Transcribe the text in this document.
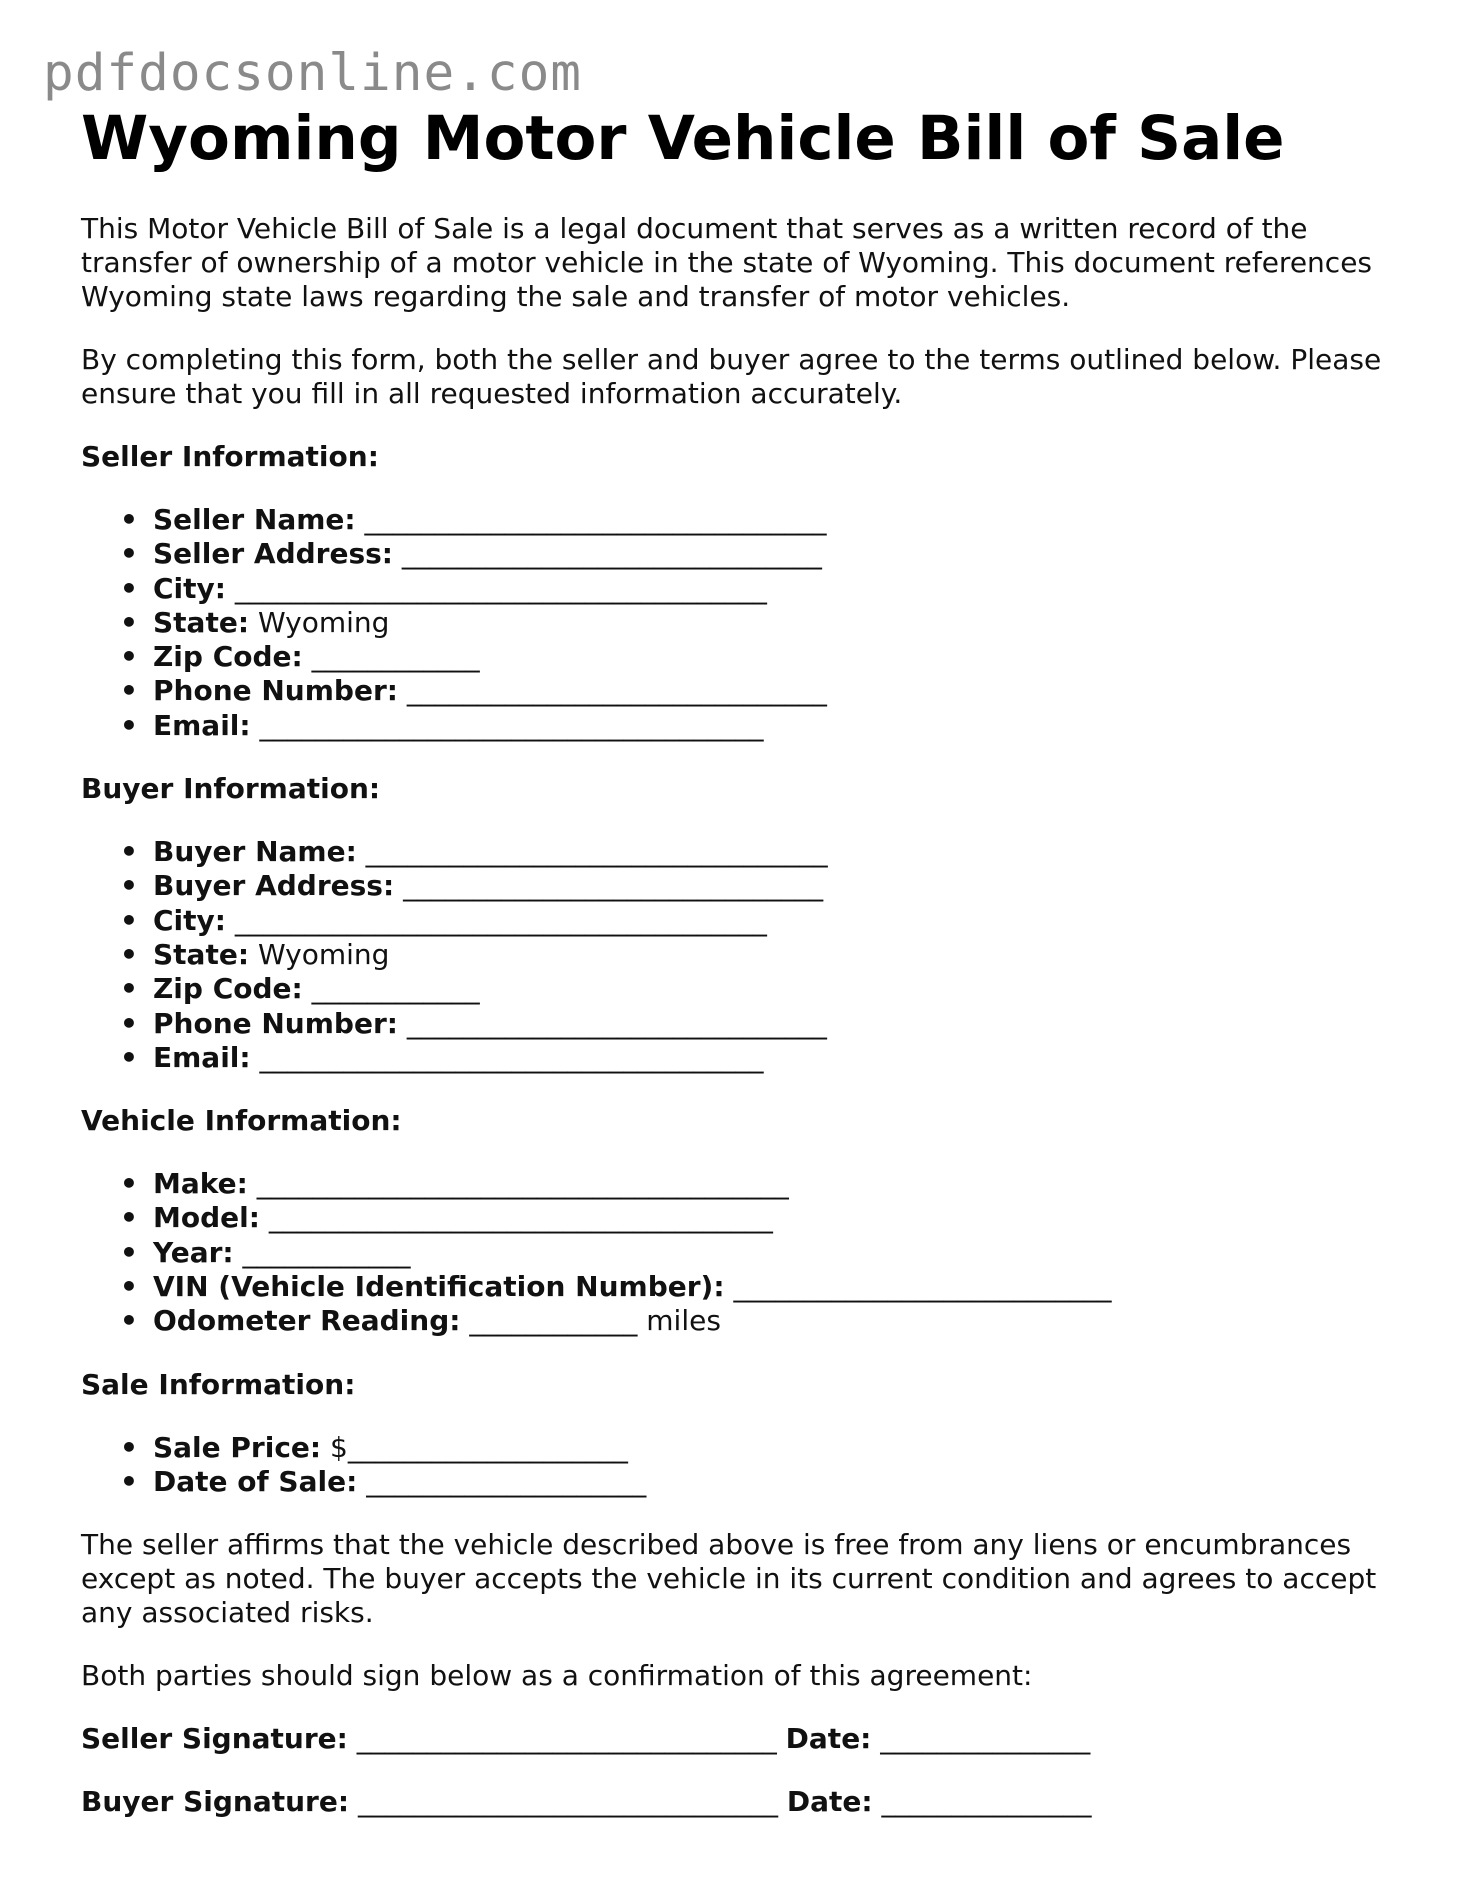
pdfdocsonline.com
Wyoming Motor Vehicle Bill of Sale

This Motor Vehicle Bill of Sale is a legal document that serves as a written record of the transfer of ownership of a motor vehicle in the state of Wyoming. This document references Wyoming state laws regarding the sale and transfer of motor vehicles.

By completing this form, both the seller and buyer agree to the terms outlined below. Please ensure that you fill in all requested information accurately.

Seller Information:
• Seller Name: _________________________________
• Seller Address: ______________________________
• City: ______________________________________
• State: Wyoming
• Zip Code: ____________
• Phone Number: ______________________________
• Email: ____________________________________
Buyer Information:
• Buyer Name: _________________________________
• Buyer Address: ______________________________
• City: ______________________________________
• State: Wyoming
• Zip Code: ____________
• Phone Number: ______________________________
• Email: ____________________________________
Vehicle Information:
• Make: ______________________________________
• Model: ____________________________________
• Year: ____________
• VIN (Vehicle Identification Number): ___________________________
• Odometer Reading: ____________ miles
Sale Information:
• Sale Price: $____________________
• Date of Sale: ____________________

The seller affirms that the vehicle described above is free from any liens or encumbrances except as noted. The buyer accepts the vehicle in its current condition and agrees to accept any associated risks.

Both parties should sign below as a confirmation of this agreement:

Seller Signature: ______________________________ Date: _______________
Buyer Signature: ______________________________ Date: _______________
